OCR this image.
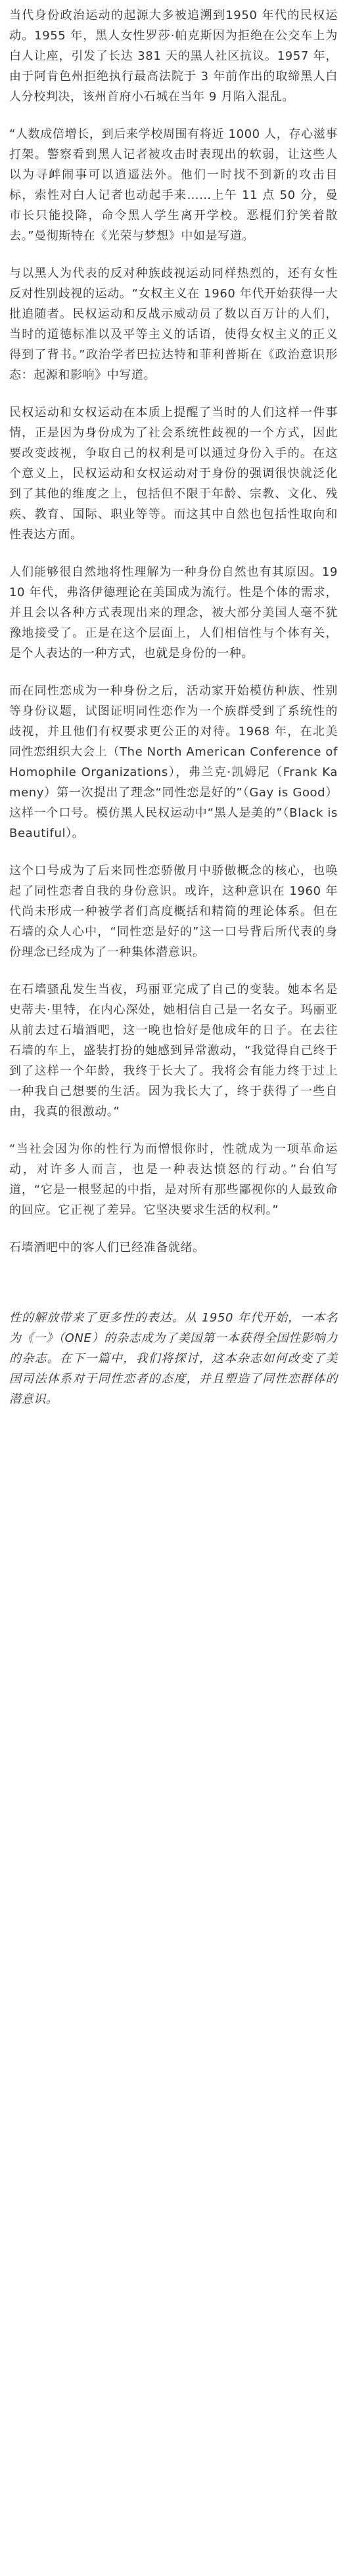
当代身份政治运动的起源大多被追溯到1950 年代的民权运动。1955 年，黑人女性罗莎·帕克斯因为拒绝在公交车上为白人让座，引发了长达 381 天的黑人社区抗议。1957 年，由于阿肯色州拒绝执行最高法院于 3 年前作出的取缔黑人白人分校判决，该州首府小石城在当年 9 月陷入混乱。

“人数成倍增长，到后来学校周围有将近 1000 人，存心滋事打架。警察看到黑人记者被攻击时表现出的软弱，让这些人以为寻衅闹事可以逍遥法外。他们一时找不到新的攻击目标，索性对白人记者也动起手来……上午 11 点 50 分，曼市长只能投降，命令黑人学生离开学校。恶棍们狞笑着散去。”曼彻斯特在《光荣与梦想》中如是写道。

与以黑人为代表的反对种族歧视运动同样热烈的，还有女性反对性别歧视的运动。“女权主义在 1960 年代开始获得一大批追随者。民权运动和反战示威动员了数以百万计的人们，当时的道德标准以及平等主义的话语，使得女权主义的正义得到了背书。”政治学者巴拉达特和菲利普斯在《政治意识形态：起源和影响》中写道。

民权运动和女权运动在本质上提醒了当时的人们这样一件事情，正是因为身份成为了社会系统性歧视的一个方式，因此要改变歧视，争取自己的权利是可以通过身份入手的。在这个意义上，民权运动和女权运动对于身份的强调很快就泛化到了其他的维度之上，包括但不限于年龄、宗教、文化、残疾、教育、国际、职业等等。而这其中自然也包括性取向和性表达方面。

人们能够很自然地将性理解为一种身份自然也有其原因。1910 年代，弗洛伊德理论在美国成为流行。性是个体的需求，并且会以各种方式表现出来的理念，被大部分美国人毫不犹豫地接受了。正是在这个层面上，人们相信性与个体有关，是个人表达的一种方式，也就是身份的一种。

而在同性恋成为一种身份之后，活动家开始模仿种族、性别等身份议题，试图证明同性恋作为一个族群受到了系统性的歧视，并且他们有权要求更公正的对待。1968 年，在北美同性恋组织大会上（The North American Conference of Homophile Organizations），弗兰克·凯姆尼（Frank Kameny）第一次提出了理念“同性恋是好的”（Gay is Good）这样一个口号。模仿黑人民权运动中“黑人是美的”（Black is Beautiful）。

这个口号成为了后来同性恋骄傲月中骄傲概念的核心，也唤起了同性恋者自我的身份意识。或许，这种意识在 1960 年代尚未形成一种被学者们高度概括和精简的理论体系。但在石墙的众人心中，“同性恋是好的”这一口号背后所代表的身份理念已经成为了一种集体潜意识。

在石墙骚乱发生当夜，玛丽亚完成了自己的变装。她本名是史蒂夫·里特，在内心深处，她相信自己是一名女子。玛丽亚从前去过石墙酒吧，这一晚也恰好是他成年的日子。在去往石墙的车上，盛装打扮的她感到异常激动，“我觉得自己终于到了这样一个年龄，我终于长大了。我将会有能力终于过上一种我自己想要的生活。因为我长大了，终于获得了一些自由，我真的很激动。”

“当社会因为你的性行为而憎恨你时，性就成为一项革命运动，对许多人而言，也是一种表达愤怒的行动。”台伯写道，“它是一根竖起的中指，是对所有那些鄙视你的人最致命的回应。它正视了差异。它坚决要求生活的权利。”

石墙酒吧中的客人们已经准备就绪。

性的解放带来了更多性的表达。从 1950 年代开始，一本名为《一》（ONE）的杂志成为了美国第一本获得全国性影响力的杂志。在下一篇中，我们将探讨，这本杂志如何改变了美国司法体系对于同性恋者的态度，并且塑造了同性恋群体的潜意识。
